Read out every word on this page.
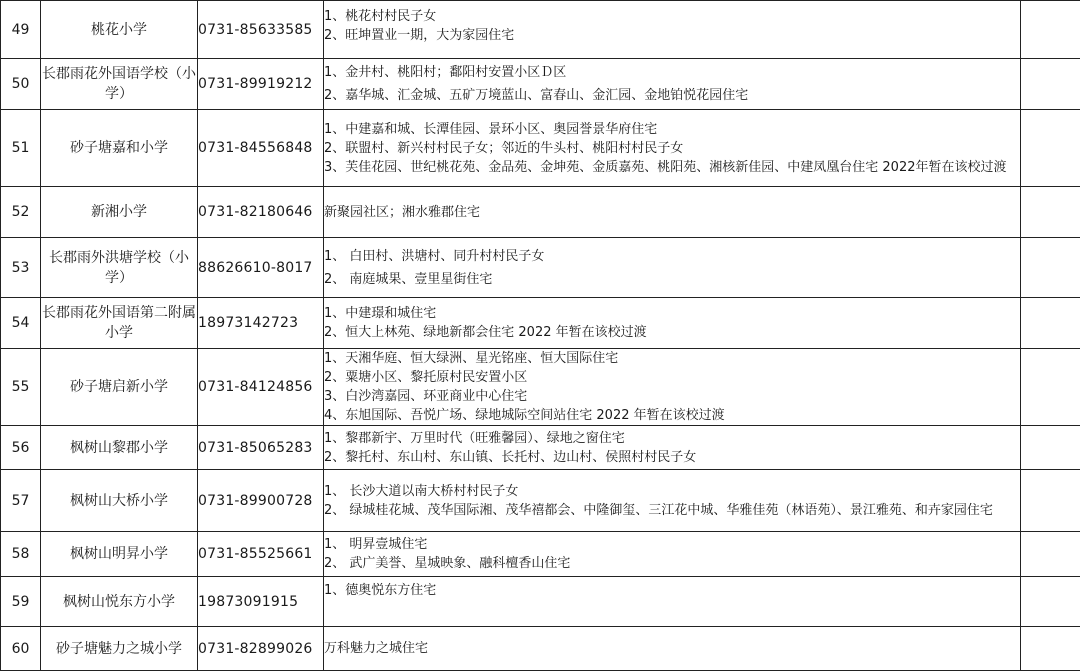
49	桃花小学	0731-85633585	1、桃花村村民子女
2、旺坤置业一期，大为家园住宅	

50	长郡雨花外国语学校（小学）	0731-89919212	1、金井村、桃阳村；鄱阳村安置小区Ｄ区
2、嘉华城、汇金城、五矿万境蓝山、富春山、金汇园、金地铂悦花园住宅	

51	砂子塘嘉和小学	0731-84556848	1、中建嘉和城、长潭佳园、景环小区、奥园誉景华府住宅
2、联盟村、新兴村村民子女；邻近的牛头村、桃阳村村民子女
3、芙佳花园、世纪桃花苑、金品苑、金坤苑、金质嘉苑、桃阳苑、湘核新佳园、中建凤凰台住宅 2022年暂在该校过渡	

52	新湘小学	0731-82180646	新聚园社区；湘水雅郡住宅	

53	长郡雨外洪塘学校（小学）	88626610-8017	1、 白田村、洪塘村、同升村村民子女
2、 南庭城果、壹里星街住宅	

54	长郡雨花外国语第二附属小学	18973142723	1、中建璟和城住宅
2、恒大上林苑、绿地新都会住宅 2022 年暂在该校过渡	

55	砂子塘启新小学	0731-84124856	1、天湘华庭、恒大绿洲、星光铭座、恒大国际住宅
2、粟塘小区、黎托原村民安置小区
3、白沙湾嘉园、环亚商业中心住宅
4、东旭国际、吾悦广场、绿地城际空间站住宅 2022 年暂在该校过渡	

56	枫树山黎郡小学	0731-85065283	1、黎郡新宇、万里时代（旺雅馨园）、绿地之窗住宅
2、黎托村、东山村、东山镇、长托村、边山村、侯照村村民子女	

57	枫树山大桥小学	0731-89900728	1、 长沙大道以南大桥村村民子女
2、 绿城桂花城、茂华国际湘、茂华禧都会、中隆御玺、三江花中城、华雅佳苑（林语苑）、景江雅苑、和卉家园住宅	

58	枫树山明昇小学	0731-85525661	1、 明昇壹城住宅
2、 武广美誉、星城映象、融科檀香山住宅	

59	枫树山悦东方小学	19873091915	1、德奥悦东方住宅	

60	砂子塘魅力之城小学	0731-82899026	万科魅力之城住宅	
